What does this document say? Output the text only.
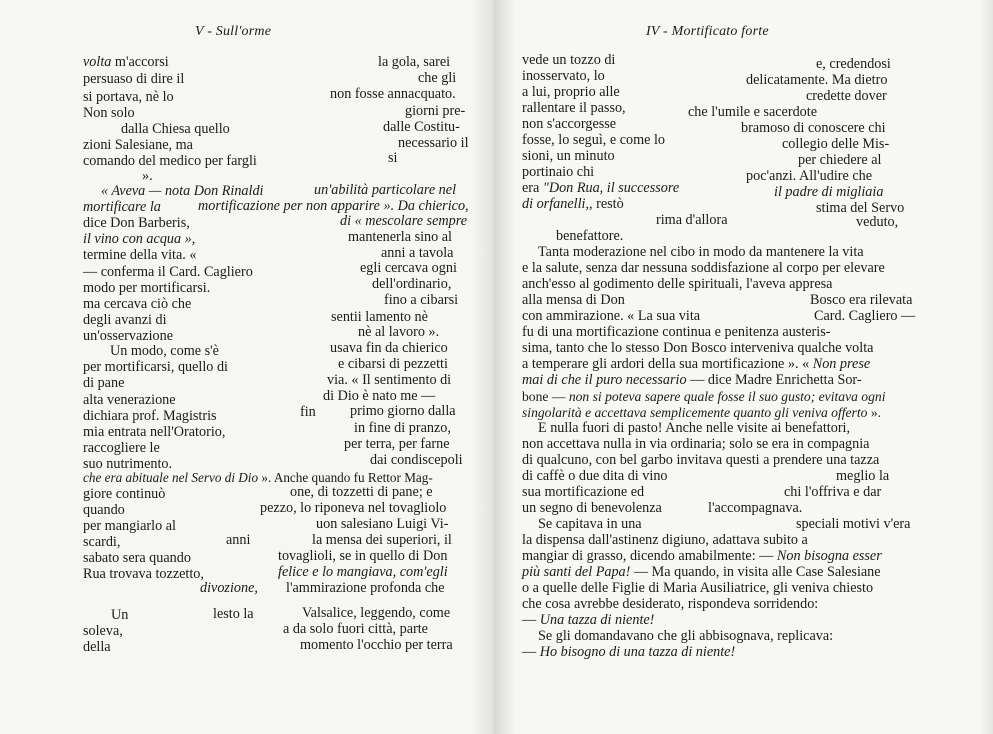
V - Sull'orme
volta m'accorsi	la gola, sarei
persuaso di dire il	che gli
si portava, nè lo	non fosse annacquato.
Non solo	giorni pre-
dalla Chiesa quello	dalle Costitu-
zioni Salesiane, ma	necessario il
comando del medico per fargli	si
».
« Aveva — nota Don Rinaldi	un'abilità particolare nel
mortificare la	mortificazione per non apparire ». Da chierico,
dice Don Barberis,	di « mescolare sempre
il vino con acqua »,	mantenerla sino al
termine della vita. «	anni a tavola
— conferma il Card. Cagliero	egli cercava ogni
modo per mortificarsi.	dell'ordinario,
ma cercava ciò che	fino a cibarsi
degli avanzi di	sentii lamento nè
un'osservazione	nè al lavoro ».
Un modo, come s'è	usava fin da chierico
per mortificarsi, quello di	e cibarsi di pezzetti
di pane	via. « Il sentimento di
alta venerazione	di Dio è nato me —
dichiara prof. Magistris	fin primo giorno dalla
mia entrata nell'Oratorio,	in fine di pranzo,
raccogliere le	per terra, per farne
suo nutrimento.	dai condiscepoli
che era abituale nel Servo di Dio ». Anche quando fu Rettor Mag-
giore continuò	one, di tozzetti di pane; e
quando	pezzo, lo riponeva nel tovagliolo
per mangiarlo al	uon salesiano Luigi Vi-
scardi,	anni	la mensa dei superiori, il
sabato sera quando	tovaglioli, se in quello di Don
Rua trovava tozzetto,	felice e lo mangiava, com'egli
divozione, l'ammirazione profonda che
Un	lesto la	Valsalice, leggendo, come
soleva,	a da solo fuori città, parte
della	momento l'occhio per terra
IV - Mortificato forte
vede un tozzo di	e, credendosi
inosservato, lo	delicatamente. Ma dietro
a lui, proprio alle	credette dover
rallentare il passo,	che l'umile e sacerdote
non s'accorgesse	bramoso di conoscere chi
fosse, lo seguì, e come lo	collegio delle Mis-
sioni, un minuto	per chiedere al
portinaio chi	poc'anzi. All'udire che
era "Don Rua, il successore	il padre di migliaia
di orfanelli,, restò	stima del Servo
rima d'allora	veduto,
benefattore.
Tanta moderazione nel cibo in modo da mantenere la vita
e la salute, senza dar nessuna soddisfazione al corpo per elevare
anch'esso al godimento delle spirituali, l'aveva appresa
alla mensa di Don	Bosco era rilevata
con ammirazione. « La sua vita	Card. Cagliero —
fu di una mortificazione continua e penitenza austeris-
sima, tanto che lo stesso Don Bosco interveniva qualche volta
a temperare gli ardori della sua mortificazione ». « Non prese
mai di che il puro necessario — dice Madre Enrichetta Sor-
bone — non si poteva sapere quale fosse il suo gusto; evitava ogni
singolarità e accettava semplicemente quanto gli veniva offerto ».
E nulla fuori di pasto! Anche nelle visite ai benefattori,
non accettava nulla in via ordinaria; solo se era in compagnia
di qualcuno, con bel garbo invitava questi a prendere una tazza
di caffè o due dita di vino	meglio la
sua mortificazione ed	chi l'offriva e dar
un segno di benevolenza	l'accompagnava.
Se capitava in una	speciali motivi v'era
la dispensa dall'astinenz digiuno, adattava subito a
mangiar di grasso, dicendo amabilmente: — Non bisogna esser
più santi del Papa! — Ma quando, in visita alle Case Salesiane
o a quelle delle Figlie di Maria Ausiliatrice, gli veniva chiesto
che cosa avrebbe desiderato, rispondeva sorridendo:
— Una tazza di niente!
Se gli domandavano che gli abbisognava, replicava:
— Ho bisogno di una tazza di niente!
